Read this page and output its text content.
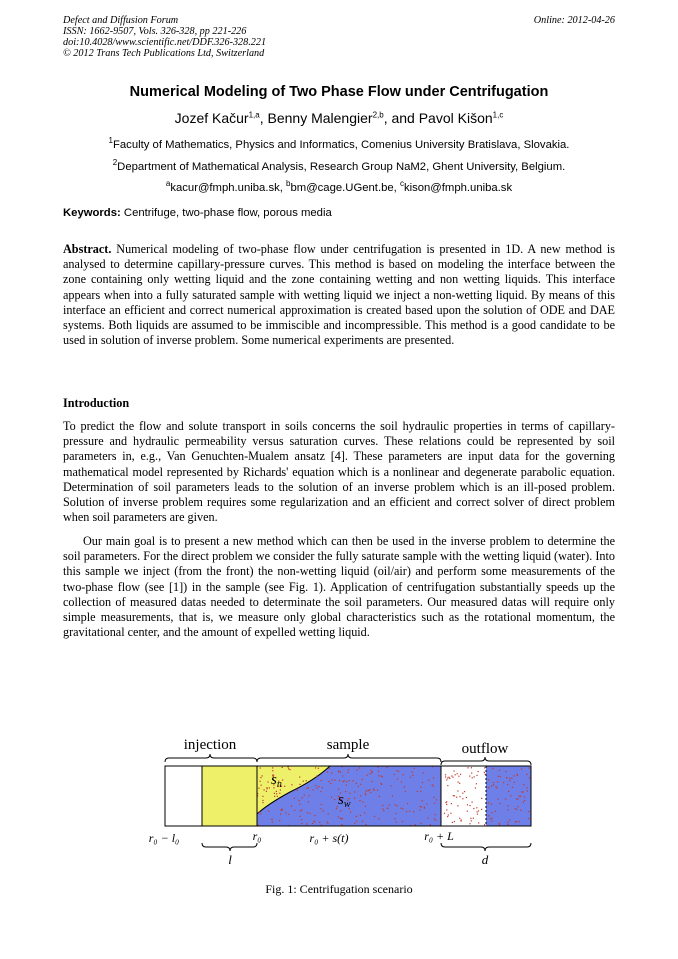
Defect and Diffusion Forum
ISSN: 1662-9507, Vols. 326-328, pp 221-226
doi:10.4028/www.scientific.net/DDF.326-328.221
© 2012 Trans Tech Publications Ltd, Switzerland
Online: 2012-04-26
Numerical Modeling of Two Phase Flow under Centrifugation
Jozef Kačur$^{1,a}$, Benny Malengier$^{2,b}$, and Pavol Kišon$^{1,c}$
$^1$Faculty of Mathematics, Physics and Informatics, Comenius University Bratislava, Slovakia.
$^2$Department of Mathematical Analysis, Research Group NaM2, Ghent University, Belgium.
$^a$kacur@fmph.uniba.sk, $^b$bm@cage.UGent.be, $^c$kison@fmph.uniba.sk
Keywords: Centrifuge, two-phase flow, porous media
Abstract. Numerical modeling of two-phase flow under centrifugation is presented in 1D. A new method is analysed to determine capillary-pressure curves. This method is based on modeling the interface between the zone containing only wetting liquid and the zone containing wetting and non wetting liquids. This interface appears when into a fully saturated sample with wetting liquid we inject a non-wetting liquid. By means of this interface an efficient and correct numerical approximation is created based upon the solution of ODE and DAE systems. Both liquids are assumed to be immiscible and incompressible. This method is a good candidate to be used in solution of inverse problem. Some numerical experiments are presented.
Introduction
To predict the flow and solute transport in soils concerns the soil hydraulic properties in terms of capillary-pressure and hydraulic permeability versus saturation curves. These relations could be represented by soil parameters in, e.g., Van Genuchten-Mualem ansatz [4]. These parameters are input data for the governing mathematical model represented by Richards' equation which is a nonlinear and degenerate parabolic equation. Determination of soil parameters leads to the solution of an inverse problem which is an ill-posed problem. Solution of inverse problem requires some regularization and an efficient and correct solver of direct problem when soil parameters are given.
Our main goal is to present a new method which can then be used in the inverse problem to determine the soil parameters. For the direct problem we consider the fully saturate sample with the wetting liquid (water). Into this sample we inject (from the front) the non-wetting liquid (oil/air) and perform some measurements of the two-phase flow (see [1]) in the sample (see Fig. 1). Application of centrifugation substantially speeds up the collection of measured datas needed to determinate the soil parameters. Our measured datas will require only simple measurements, that is, we measure only global characteristics such as the rotational momentum, the gravitational center, and the amount of expelled wetting liquid.
injection	sample	outflow
$s_n$
$s_w$
r₀ − l₀	r₀	r₀ + s(t)	r₀ + L
l	d
Fig. 1: Centrifugation scenario
